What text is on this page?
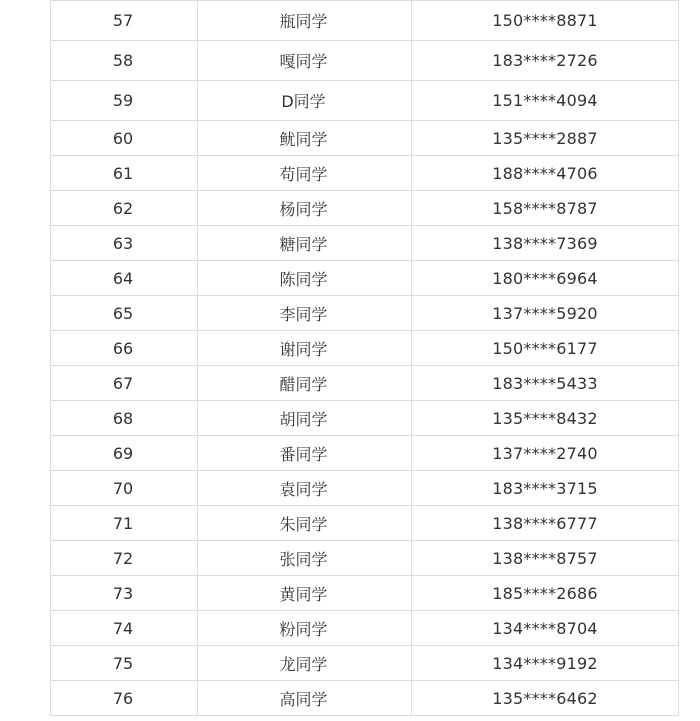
57	瓶同学	150****8871
58	嘎同学	183****2726
59	D同学	151****4094
60	鱿同学	135****2887
61	苟同学	188****4706
62	杨同学	158****8787
63	糖同学	138****7369
64	陈同学	180****6964
65	李同学	137****5920
66	谢同学	150****6177
67	醋同学	183****5433
68	胡同学	135****8432
69	番同学	137****2740
70	袁同学	183****3715
71	朱同学	138****6777
72	张同学	138****8757
73	黄同学	185****2686
74	粉同学	134****8704
75	龙同学	134****9192
76	高同学	135****6462
